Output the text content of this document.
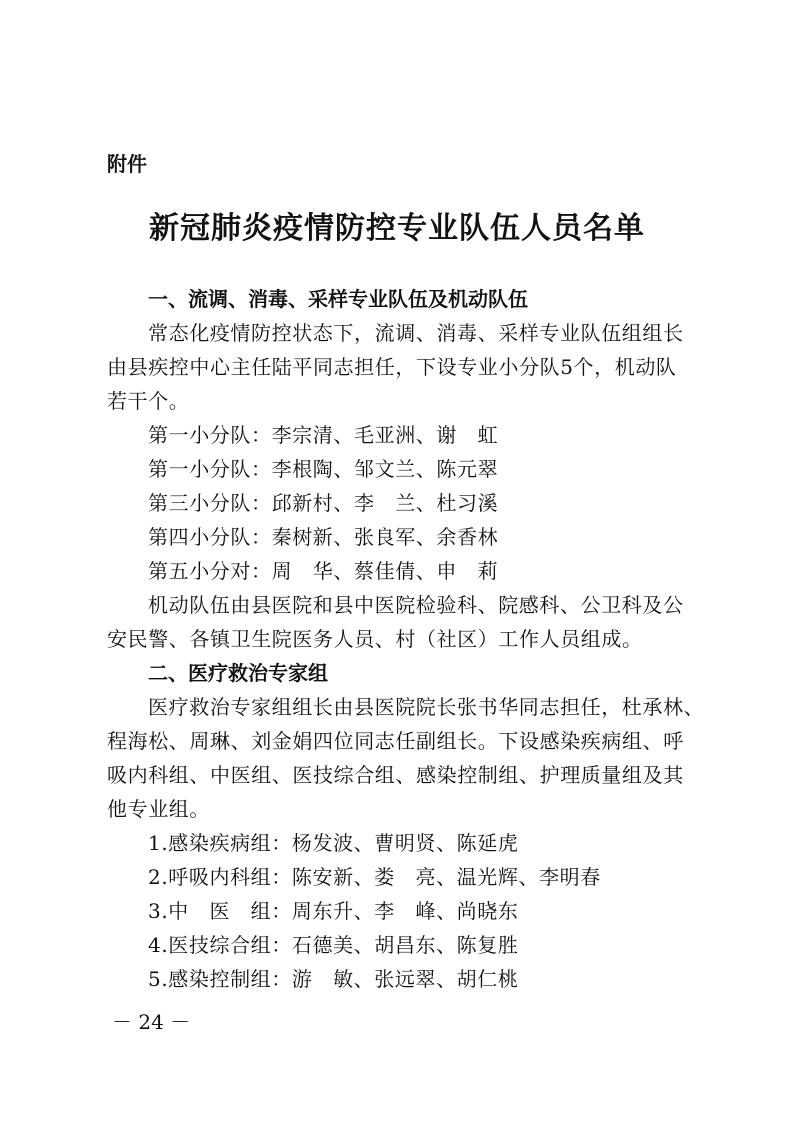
附件
新冠肺炎疫情防控专业队伍人员名单
一、流调、消毒、采样专业队伍及机动队伍
常态化疫情防控状态下，流调、消毒、采样专业队伍组组长
由县疾控中心主任陆平同志担任，下设专业小分队5个，机动队
若干个。
第一小分队：李宗清、毛亚洲、谢　虹
第一小分队：李根陶、邹文兰、陈元翠
第三小分队：邱新村、李　兰、杜习溪
第四小分队：秦树新、张良军、余香林
第五小分对：周　华、蔡佳倩、申　莉
机动队伍由县医院和县中医院检验科、院感科、公卫科及公
安民警、各镇卫生院医务人员、村（社区）工作人员组成。
二、医疗救治专家组
医疗救治专家组组长由县医院院长张书华同志担任，杜承林、
程海松、周琳、刘金娟四位同志任副组长。下设感染疾病组、呼
吸内科组、中医组、医技综合组、感染控制组、护理质量组及其
他专业组。
1.感染疾病组：杨发波、曹明贤、陈延虎
2.呼吸内科组：陈安新、娄　亮、温光辉、李明春
3.中　医　组：周东升、李　峰、尚晓东
4.医技综合组：石德美、胡昌东、陈复胜
5.感染控制组：游　敏、张远翠、胡仁桃
－ 24 －
